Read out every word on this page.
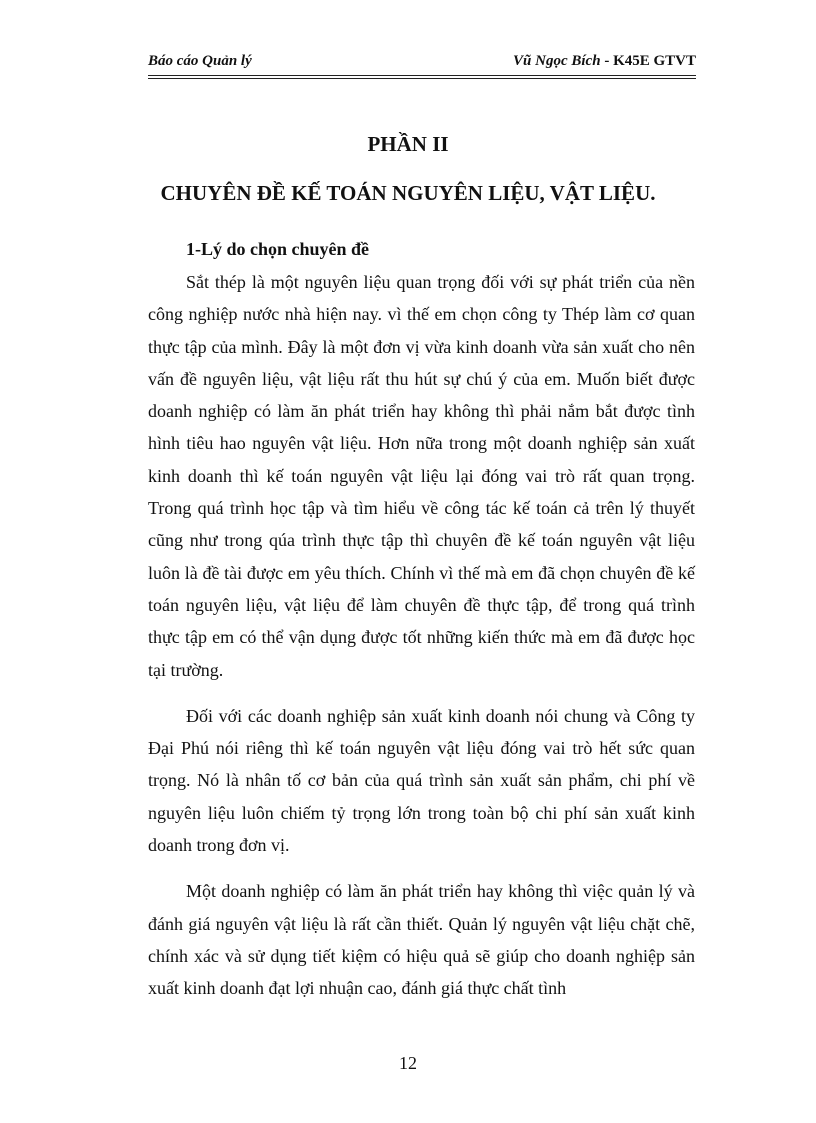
Báo cáo Quản lý	Vũ Ngọc Bích - K45E GTVT
PHẦN II
CHUYÊN ĐỀ KẾ TOÁN NGUYÊN LIỆU, VẬT LIỆU.
1-Lý do chọn chuyên đề

Sắt thép là một nguyên liệu quan trọng đối với sự phát triển của nền công nghiệp nước nhà hiện nay. vì thế em chọn công ty Thép làm cơ quan thực tập của mình. Đây là một đơn vị vừa kinh doanh vừa sản xuất cho nên vấn đề nguyên liệu, vật liệu rất thu hút sự chú ý của em. Muốn biết được doanh nghiệp có làm ăn phát triển hay không thì phải nắm bắt được tình hình tiêu hao nguyên vật liệu. Hơn nữa trong một doanh nghiệp sản xuất kinh doanh thì kế toán nguyên vật liệu lại đóng vai trò rất quan trọng. Trong quá trình học tập và tìm hiểu về công tác kế toán cả trên lý thuyết cũng như trong qúa trình thực tập thì chuyên đề kế toán nguyên vật liệu luôn là đề tài được em yêu thích. Chính vì thế mà em đã chọn chuyên đề kế toán nguyên liệu, vật liệu để làm chuyên đề thực tập, để trong quá trình thực tập em có thể vận dụng được tốt những kiến thức mà em đã được học tại trường.

Đối với các doanh nghiệp sản xuất kinh doanh nói chung và Công ty Đại Phú nói riêng thì kế toán nguyên vật liệu đóng vai trò hết sức quan trọng. Nó là nhân tố cơ bản của quá trình sản xuất sản phẩm, chi phí về nguyên liệu luôn chiếm tỷ trọng lớn trong toàn bộ chi phí sản xuất kinh doanh trong đơn vị.

Một doanh nghiệp có làm ăn phát triển hay không thì việc quản lý và đánh giá nguyên vật liệu là rất cần thiết. Quản lý nguyên vật liệu chặt chẽ, chính xác và sử dụng tiết kiệm có hiệu quả sẽ giúp cho doanh nghiệp sản xuất kinh doanh đạt lợi nhuận cao, đánh giá thực chất tình

12
